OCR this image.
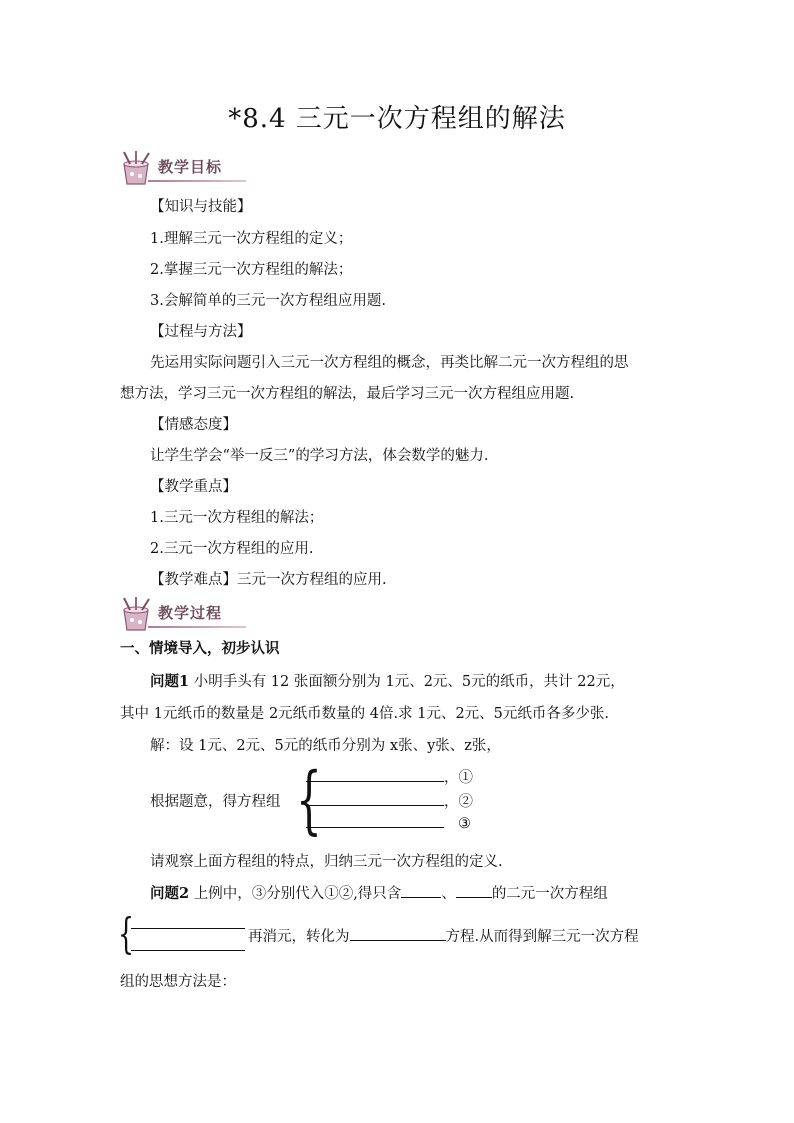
*8.4 三元一次方程组的解法
教学目标
【知识与技能】
1.理解三元一次方程组的定义；
2.掌握三元一次方程组的解法；
3.会解简单的三元一次方程组应用题.
【过程与方法】
先运用实际问题引入三元一次方程组的概念，再类比解二元一次方程组的思
想方法，学习三元一次方程组的解法，最后学习三元一次方程组应用题.
【情感态度】
让学生学会“举一反三”的学习方法，体会数学的魅力.
【教学重点】
1.三元一次方程组的解法；
2.三元一次方程组的应用.
【教学难点】三元一次方程组的应用.
教学过程
一、情境导入，初步认识
问题1 小明手头有 12 张面额分别为 1元、2元、5元的纸币，共计 22元，
其中 1元纸币的数量是 2元纸币数量的 4倍.求 1元、2元、5元纸币各多少张.
解：设 1元、2元、5元的纸币分别为 x张、y张、z张，
根据题意，得方程组 {	，①
，②
③
请观察上面方程组的特点，归纳三元一次方程组的定义.
问题2 上例中，③分别代入①②,得只含	、 的二元一次方程组
{	再消元，转化为	方程.从而得到解三元一次方程
组的思想方法是：
